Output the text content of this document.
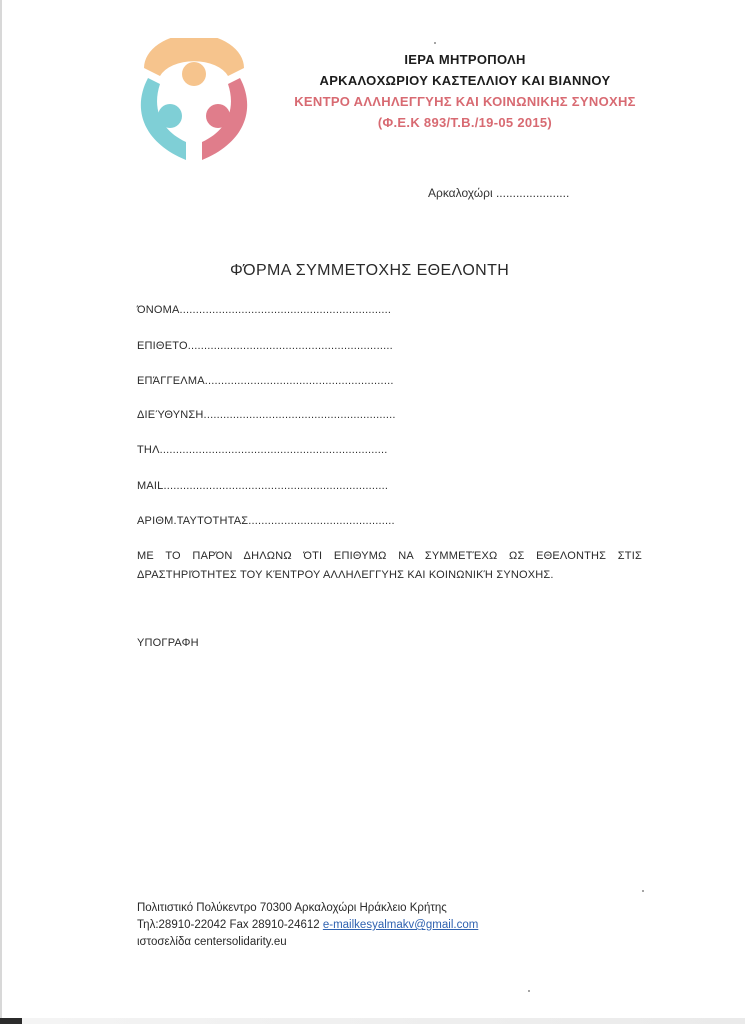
ΙΕΡΑ ΜΗΤΡΟΠΟΛΗ
ΑΡΚΑΛΟΧΩΡΙΟΥ ΚΑΣΤΕΛΛΙΟΥ ΚΑΙ ΒΙΑΝΝΟΥ
ΚΕΝΤΡΟ ΑΛΛΗΛΕΓΓΥΗΣ ΚΑΙ ΚΟΙΝΩΝΙΚΗΣ ΣΥΝΟΧΗΣ
(Φ.Ε.Κ 893/Τ.Β./19-05 2015)
Αρκαλοχώρι ......................
ΦΌΡΜΑ ΣΥΜΜΕΤΟΧΗΣ ΕΘΕΛΟΝΤΗ
ΌΝΟΜΑ.................................................................
ΕΠΙΘΕΤΟ...............................................................
ΕΠΆΓΓΕΛΜΑ..........................................................
ΔΙΕΎΘΥΝΣΗ...........................................................
ΤΗΛ......................................................................
MAIL.....................................................................
ΑΡΙΘΜ.ΤΑΥΤΟΤΗΤΑΣ.............................................
ΜΕ ΤΟ ΠΑΡΌΝ ΔΗΛΩΝΩ ΌΤΙ ΕΠΙΘΥΜΩ ΝΑ ΣΥΜΜΕΤΈΧΩ ΩΣ ΕΘΕΛΟΝΤΗΣ ΣΤΙΣ ΔΡΑΣΤΗΡΙΌΤΗΤΕΣ ΤΟΥ ΚΈΝΤΡΟΥ ΑΛΛΗΛΕΓΓΥΗΣ ΚΑΙ ΚΟΙΝΩΝΙΚΉ ΣΥΝΟΧΗΣ.
ΥΠΟΓΡΑΦΗ
Πολιτιστικό Πολύκεντρο 70300 Αρκαλοχώρι Ηράκλειο Κρήτης
Τηλ:28910-22042 Fax 28910-24612 e-mailkesyalmakv@gmail.com
ιστοσελίδα centersolidarity.eu
